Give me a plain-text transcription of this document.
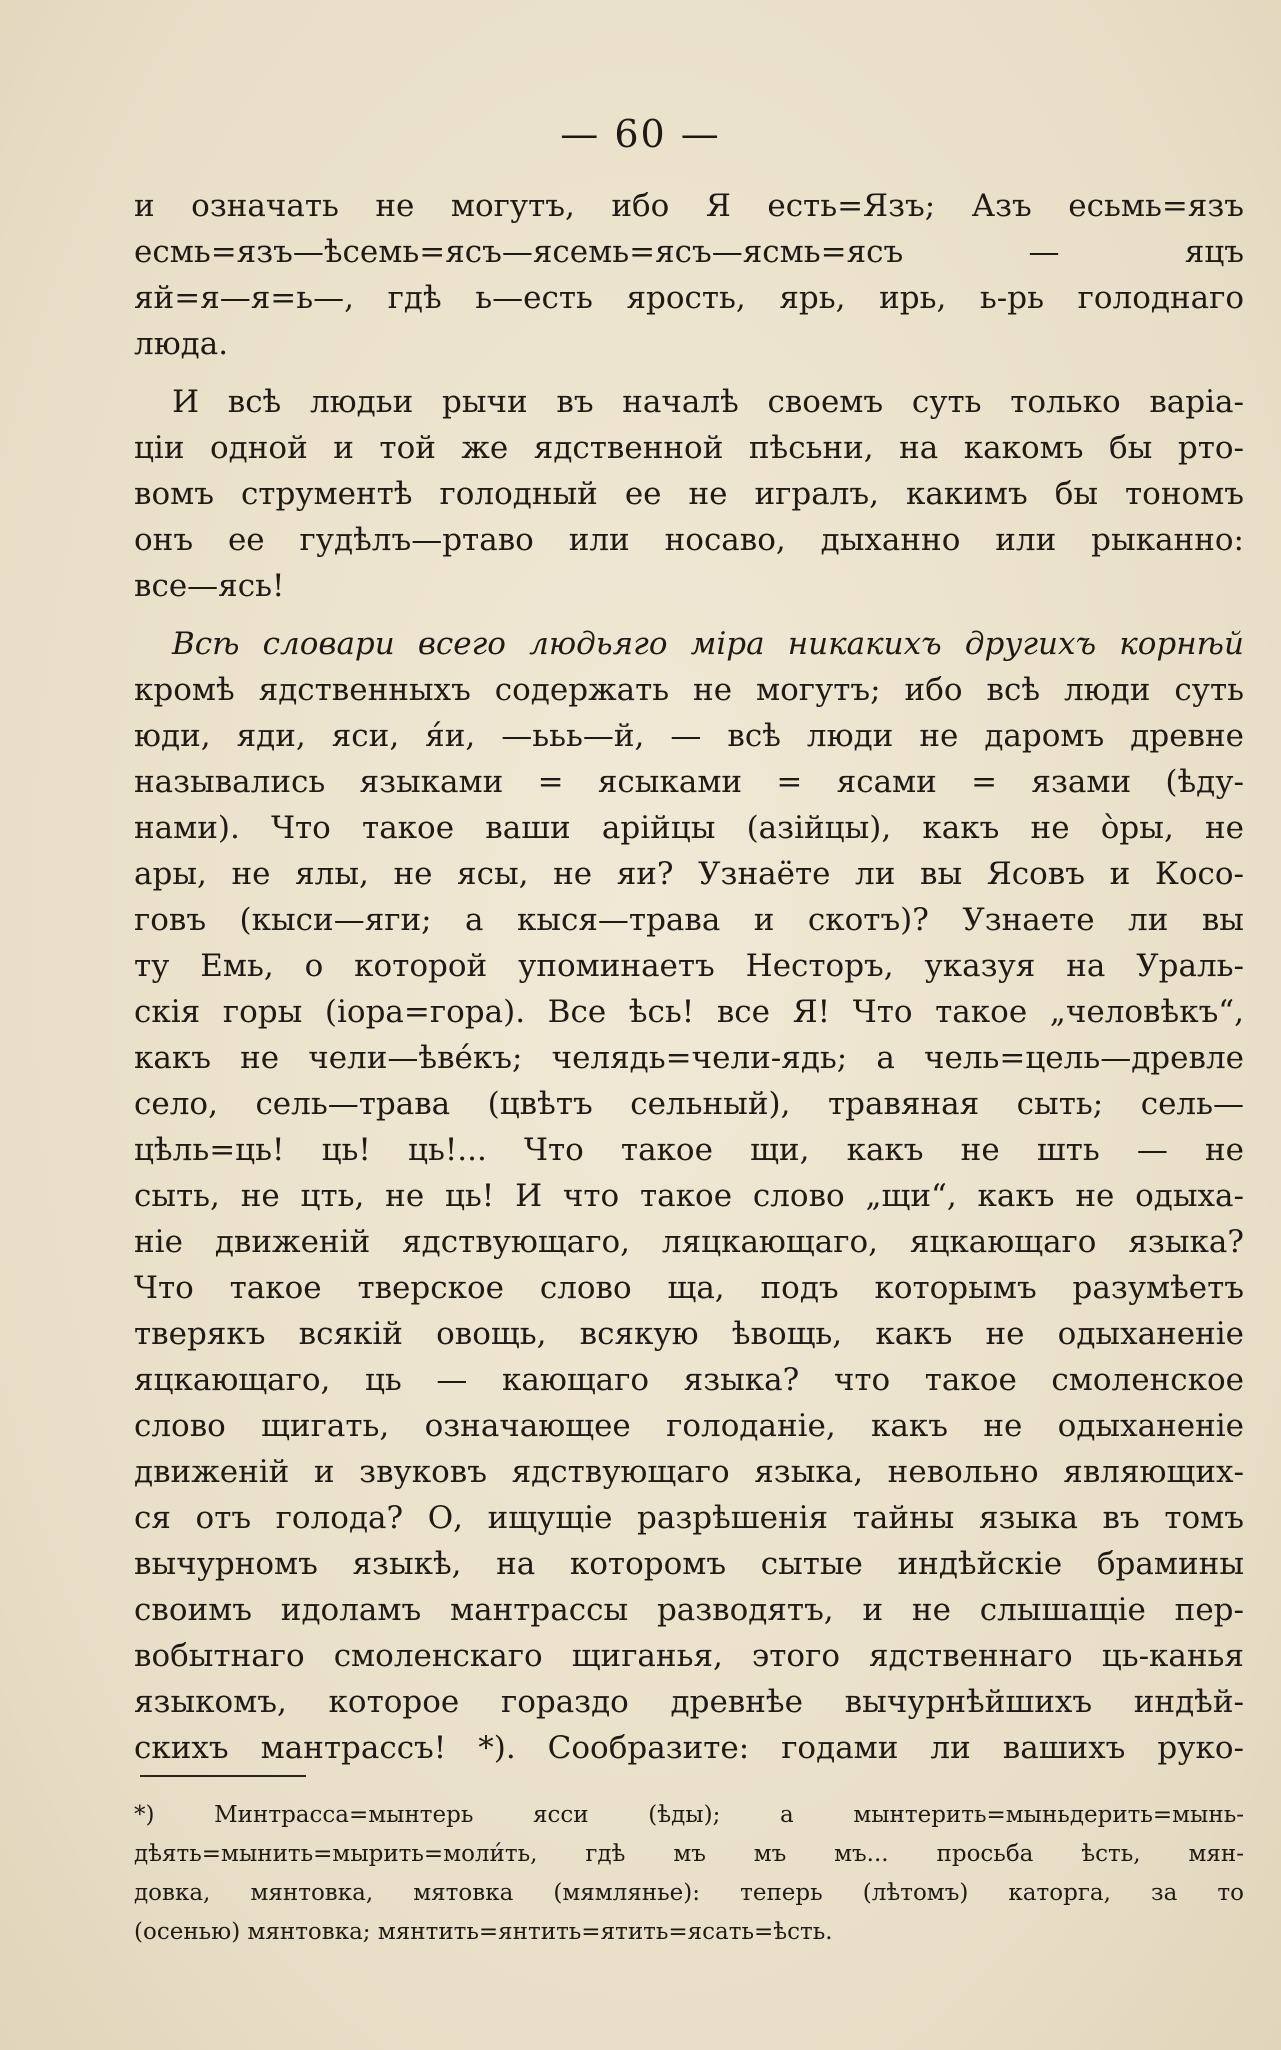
— 60 —
и означать не могутъ, ибо Я есть=Язъ; Азъ есьмь=язъ
есмь=язъ—ѣсемь=ясъ—ясемь=ясъ—ясмь=ясъ — яцъ
яй=я—я=ь—, гдѣ ь—есть ярость, ярь, ирь, ь-рь голоднаго
люда.
И всѣ людьи рычи въ началѣ своемъ суть только варіа-
ціи одной и той же ядственной пѣсьни, на какомъ бы рто-
вомъ струментѣ голодный ее не игралъ, какимъ бы тономъ
онъ ее гудѣлъ—ртаво или носаво, дыханно или рыканно:
все—ясь!
Всѣ словари всего людьяго міра никакихъ другихъ корнѣй
кромѣ ядственныхъ содержать не могутъ; ибо всѣ люди суть
юди, яди, яси, я́и, —ььь—й, — всѣ люди не даромъ древне
назывались языками = ясыками = ясами = язами (ѣду-
нами). Что такое ваши арійцы (азійцы), какъ не о̀ры, не
ары, не ялы, не ясы, не яи? Узнаёте ли вы Ясовъ и Косо-
говъ (кыси—яги; а кыся—трава и скотъ)? Узнаете ли вы
ту Емь, о которой упоминаетъ Несторъ, указуя на Ураль-
скія горы (іора=гора). Все ѣсь! все Я! Что такое „человѣкъ“,
какъ не чели—ѣве́къ; челядь=чели-ядь; а чель=цель—древле
село, сель—трава (цвѣтъ сельный), травяная сыть; сель—
цѣль=ць! ць! ць!... Что такое щи, какъ не шть — не
сыть, не цть, не ць! И что такое слово „щи“, какъ не одыха-
ніе движеній ядствующаго, ляцкающаго, яцкающаго языка?
Что такое тверское слово ща, подъ которымъ разумѣетъ
тверякъ всякій овощь, всякую ѣвощь, какъ не одыханеніе
яцкающаго, ць — кающаго языка? что такое смоленское
слово щигать, означающее голоданіе, какъ не одыханеніе
движеній и звуковъ ядствующаго языка, невольно являющих-
ся отъ голода? О, ищущіе разрѣшенія тайны языка въ томъ
вычурномъ языкѣ, на которомъ сытые индѣйскіе брамины
своимъ идоламъ мантрассы разводятъ, и не слышащіе пер-
вобытнаго смоленскаго щиганья, этого ядственнаго ць-канья
языкомъ, которое гораздо древнѣе вычурнѣйшихъ индѣй-
скихъ мантрассъ! *). Сообразите: годами ли вашихъ руко-
*) Минтрасса=мынтерь ясси (ѣды); а мынтерить=мыньдерить=мынь-
дѣять=мынить=мырить=моли́ть, гдѣ мъ мъ мъ... просьба ѣсть, мян-
довка, мянтовка, мятовка (мямлянье): теперь (лѣтомъ) каторга, за то
(осенью) мянтовка; мянтить=янтить=ятить=ясать=ѣсть.
